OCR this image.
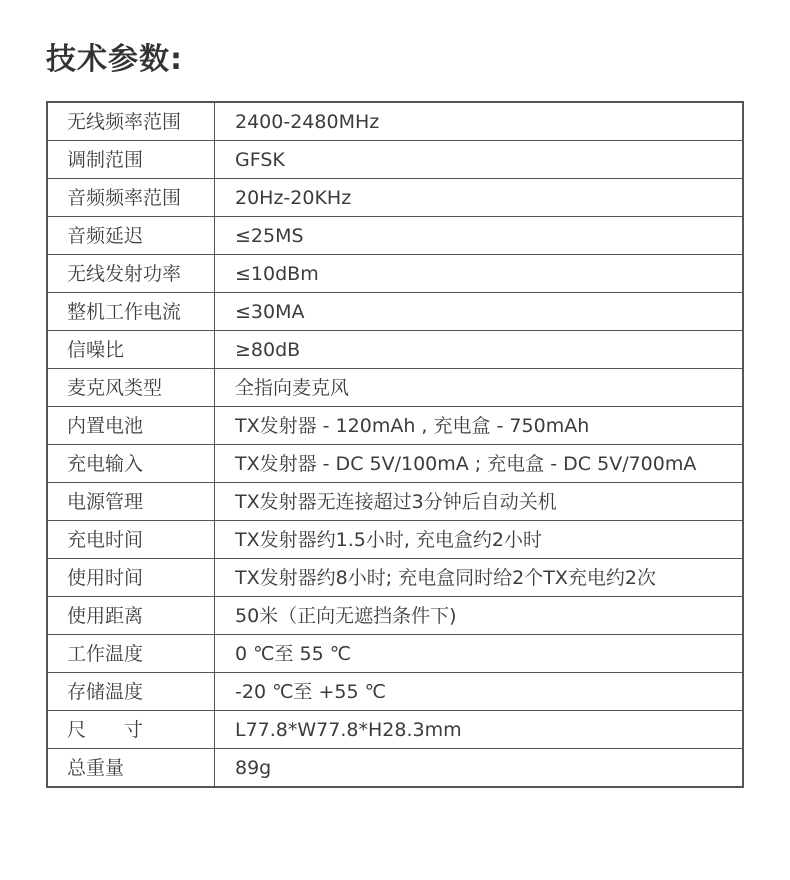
技术参数:
无线频率范围	2400-2480MHz
调制范围	GFSK
音频频率范围	20Hz-20KHz
音频延迟	≤25MS
无线发射功率	≤10dBm
整机工作电流	≤30MA
信噪比	≥80dB
麦克风类型	全指向麦克风
内置电池	TX发射器 - 120mAh , 充电盒 - 750mAh
充电输入	TX发射器 - DC 5V/100mA ; 充电盒 - DC 5V/700mA
电源管理	TX发射器无连接超过3分钟后自动关机
充电时间	TX发射器约1.5小时, 充电盒约2小时
使用时间	TX发射器约8小时; 充电盒同时给2个TX充电约2次
使用距离	50米（正向无遮挡条件下)
工作温度	0 ℃至 55 ℃
存储温度	-20 ℃至 +55 ℃
尺　　寸	L77.8*W77.8*H28.3mm
总重量	89g
